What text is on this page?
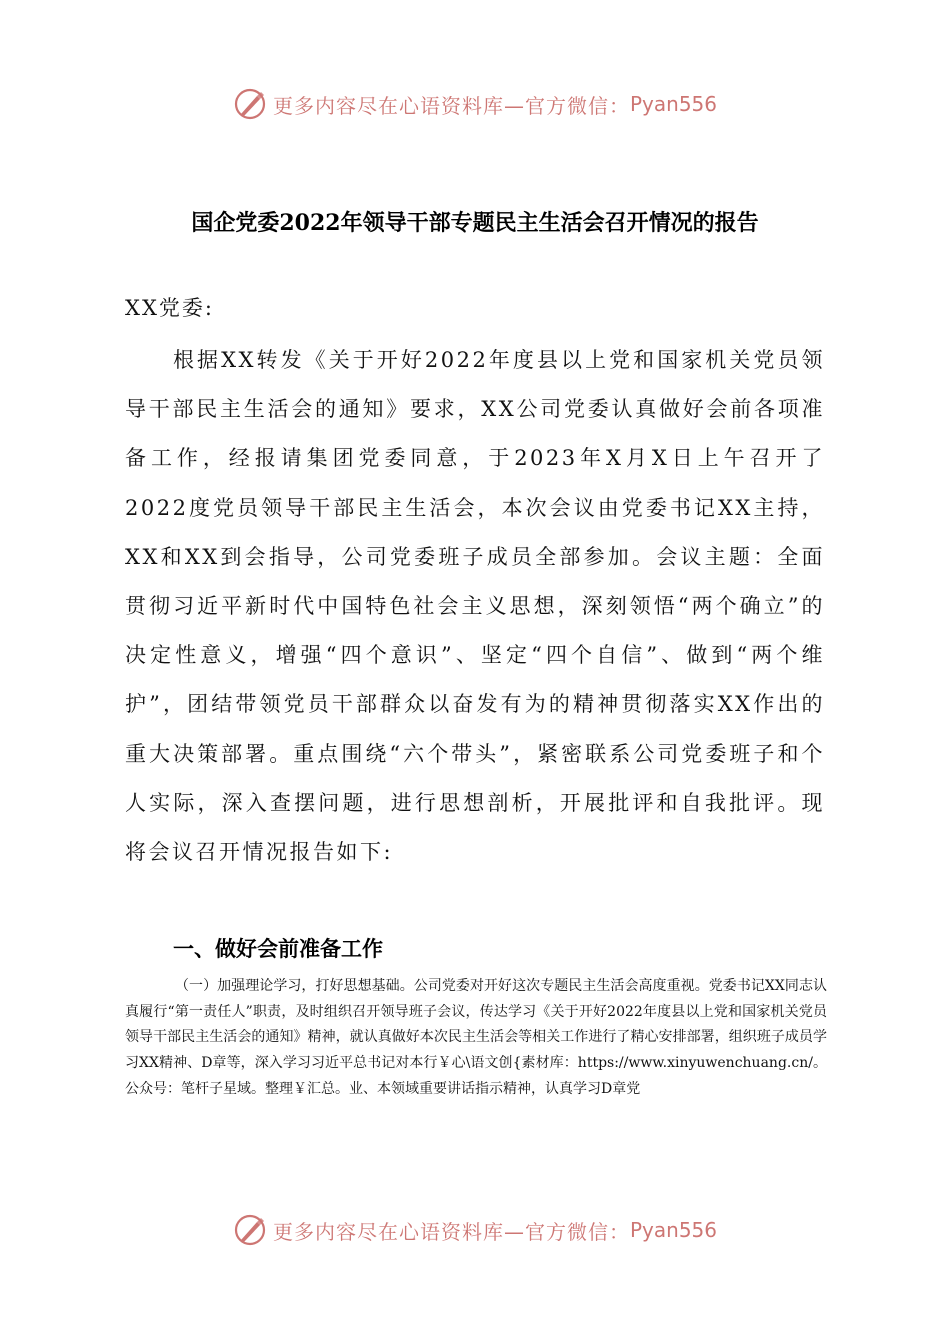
更多内容尽在心语资料库—官方微信： Pyan556
国企党委2022年领导干部专题民主生活会召开情况的报告

XX党委:

根据XX转发《关于开好2022年度县以上党和国家机关党员领导干部民主生活会的通知》要求，XX公司党委认真做好会前各项准备工作，经报请集团党委同意，于2023年X月X日上午召开了2022度党员领导干部民主生活会，本次会议由党委书记XX主持，XX和XX到会指导，公司党委班子成员全部参加。会议主题：全面贯彻习近平新时代中国特色社会主义思想，深刻领悟“两个确立”的决定性意义，增强“四个意识”、坚定“四个自信”、做到“两个维护”，团结带领党员干部群众以奋发有为的精神贯彻落实XX作出的重大决策部署。重点围绕“六个带头”，紧密联系公司党委班子和个人实际，深入查摆问题，进行思想剖析，开展批评和自我批评。现将会议召开情况报告如下:

一、做好会前准备工作

（一）加强理论学习，打好思想基础。公司党委对开好这次专题民主生活会高度重视。党委书记XX同志认真履行“第一责任人”职责，及时组织召开领导班子会议，传达学习《关于开好2022年度县以上党和国家机关党员领导干部民主生活会的通知》精神，就认真做好本次民主生活会等相关工作进行了精心安排部署，组织班子成员学习XX精神、D章等，深入学习习近平总书记对本行￥心\语文创{素材库：https://www.xinyuwenchuang.cn/。公众号：笔杆子星域。整理￥汇总。业、本领域重要讲话指示精神，认真学习D章党

更多内容尽在心语资料库—官方微信： Pyan556
